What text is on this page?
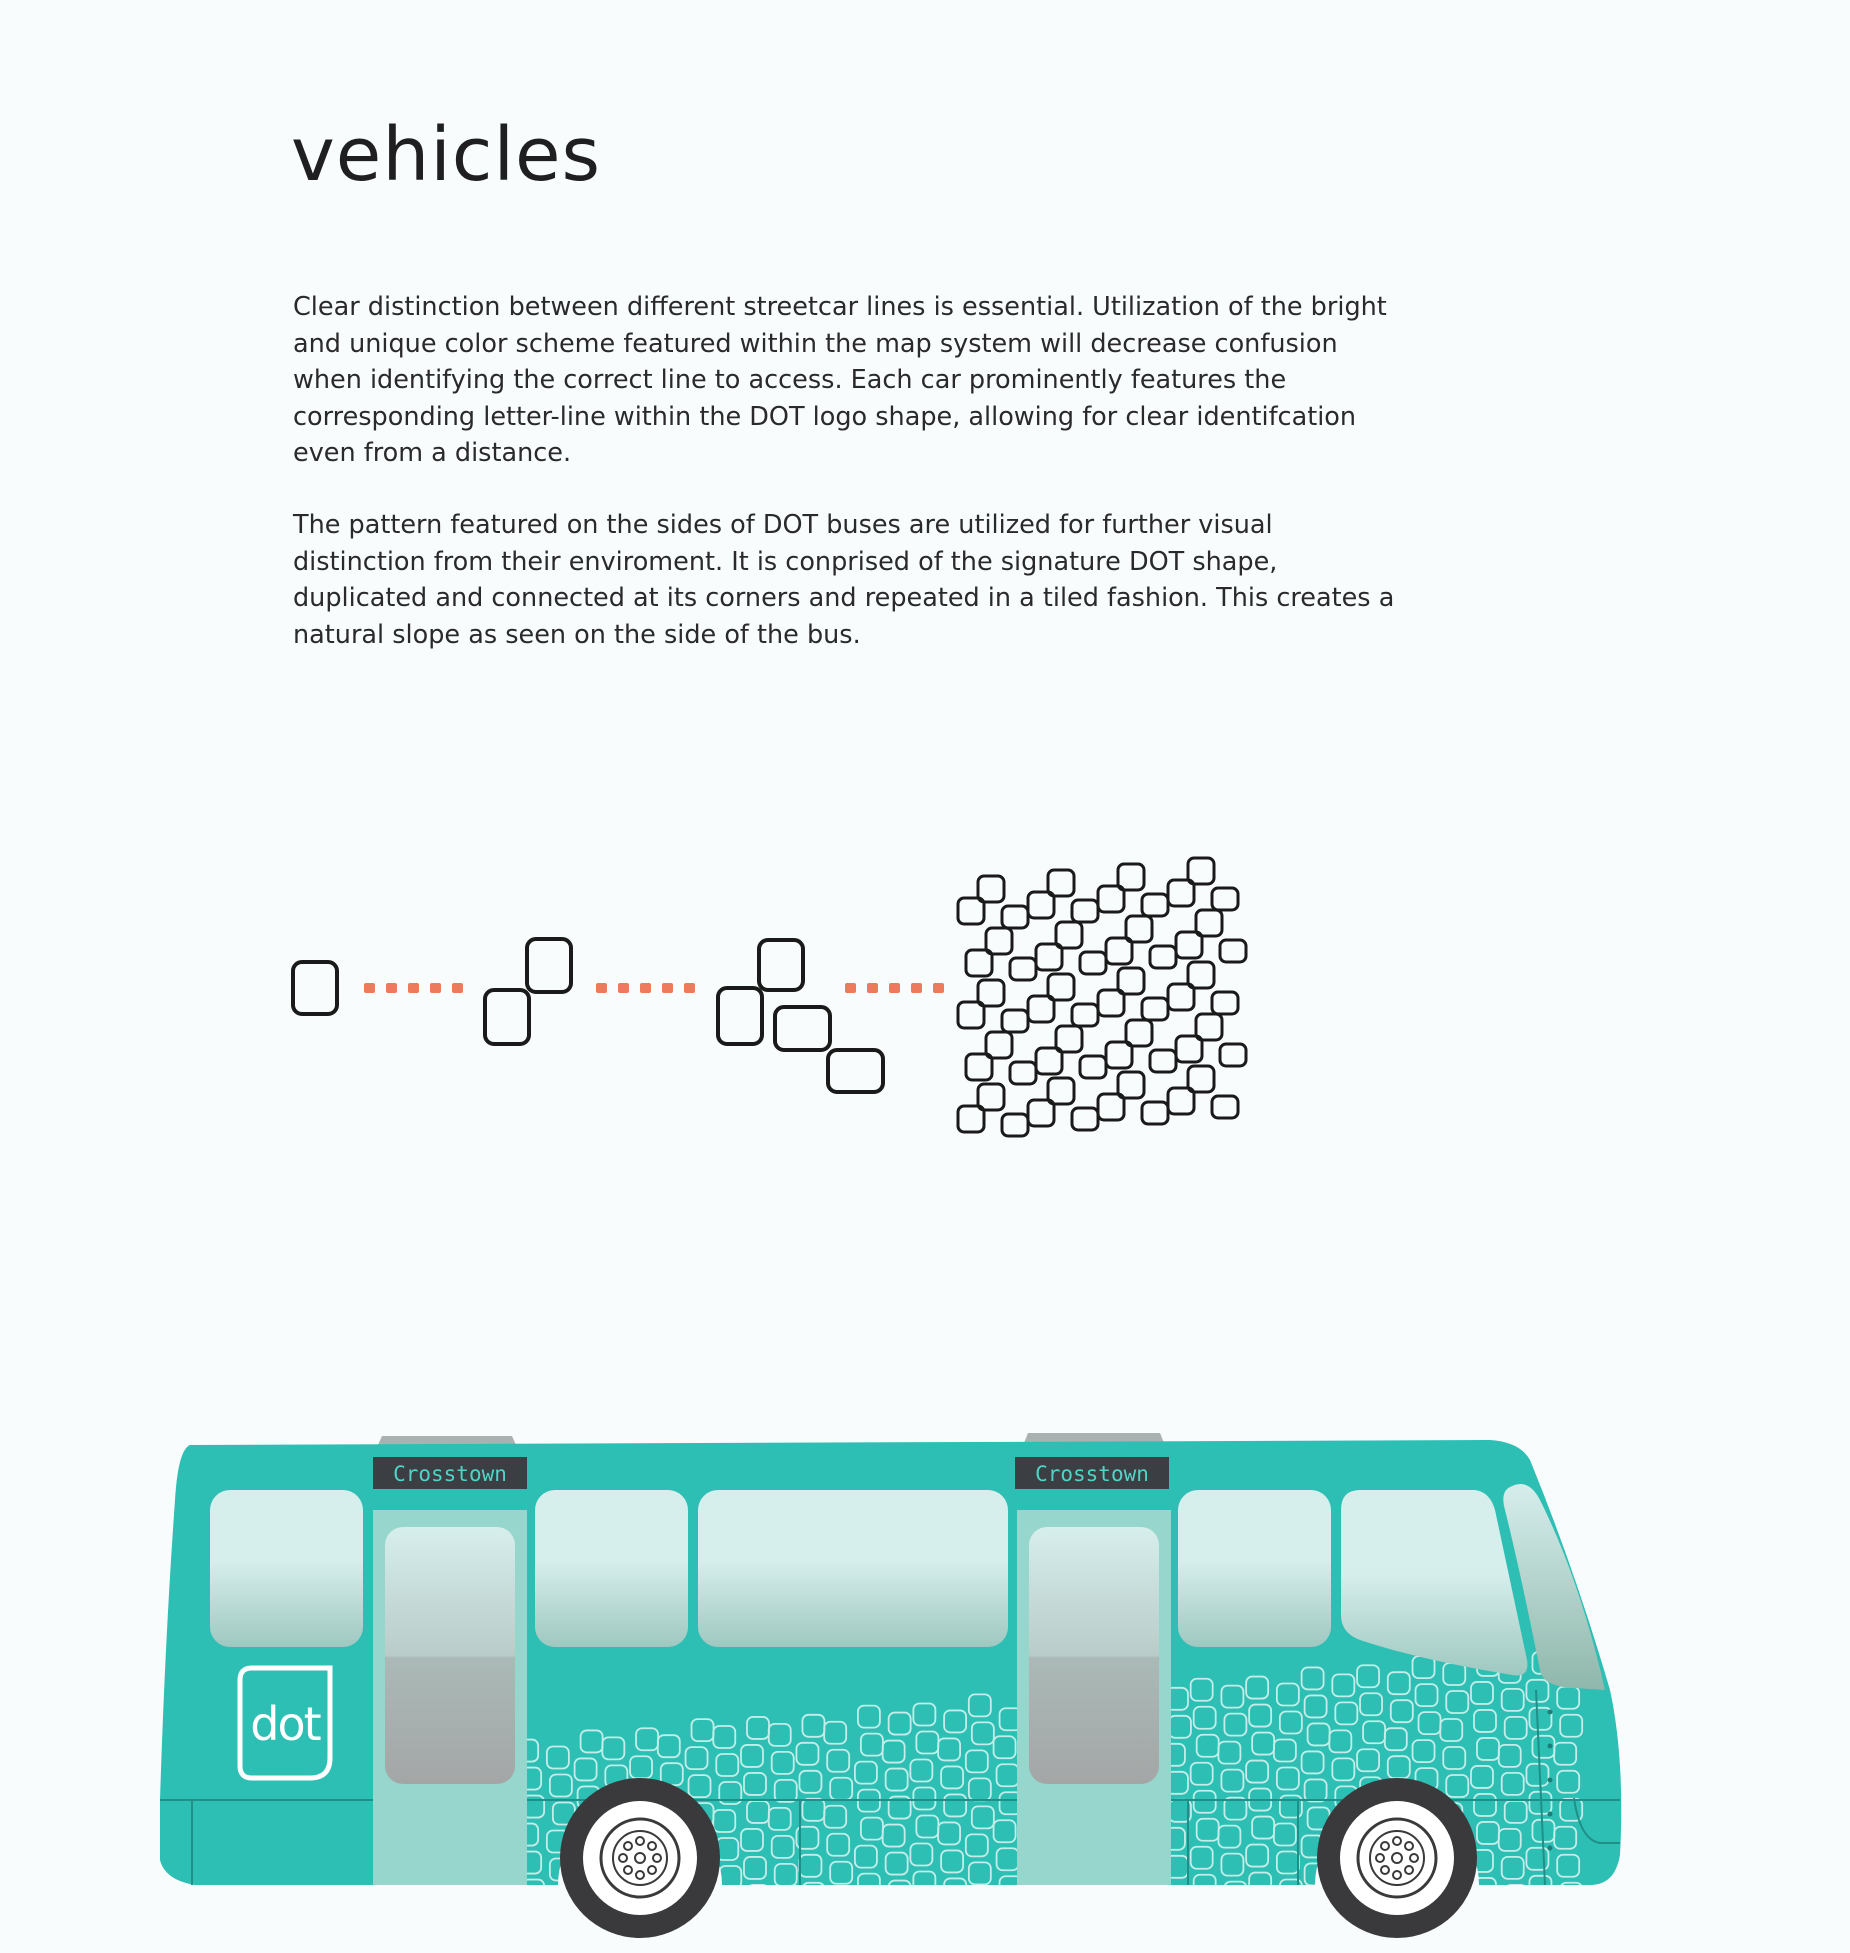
vehicles

Clear distinction between different streetcar lines is essential. Utilization of the bright and unique color scheme featured within the map system will decrease confusion when identifying the correct line to access. Each car prominently features the corresponding letter-line within the DOT logo shape, allowing for clear identifcation even from a distance.

The pattern featured on the sides of DOT buses are utilized for further visual distinction from their enviroment. It is conprised of the signature DOT shape, duplicated and connected at its corners and repeated in a tiled fashion. This creates a natural slope as seen on the side of the bus.

Crosstown	Crosstown
dot
